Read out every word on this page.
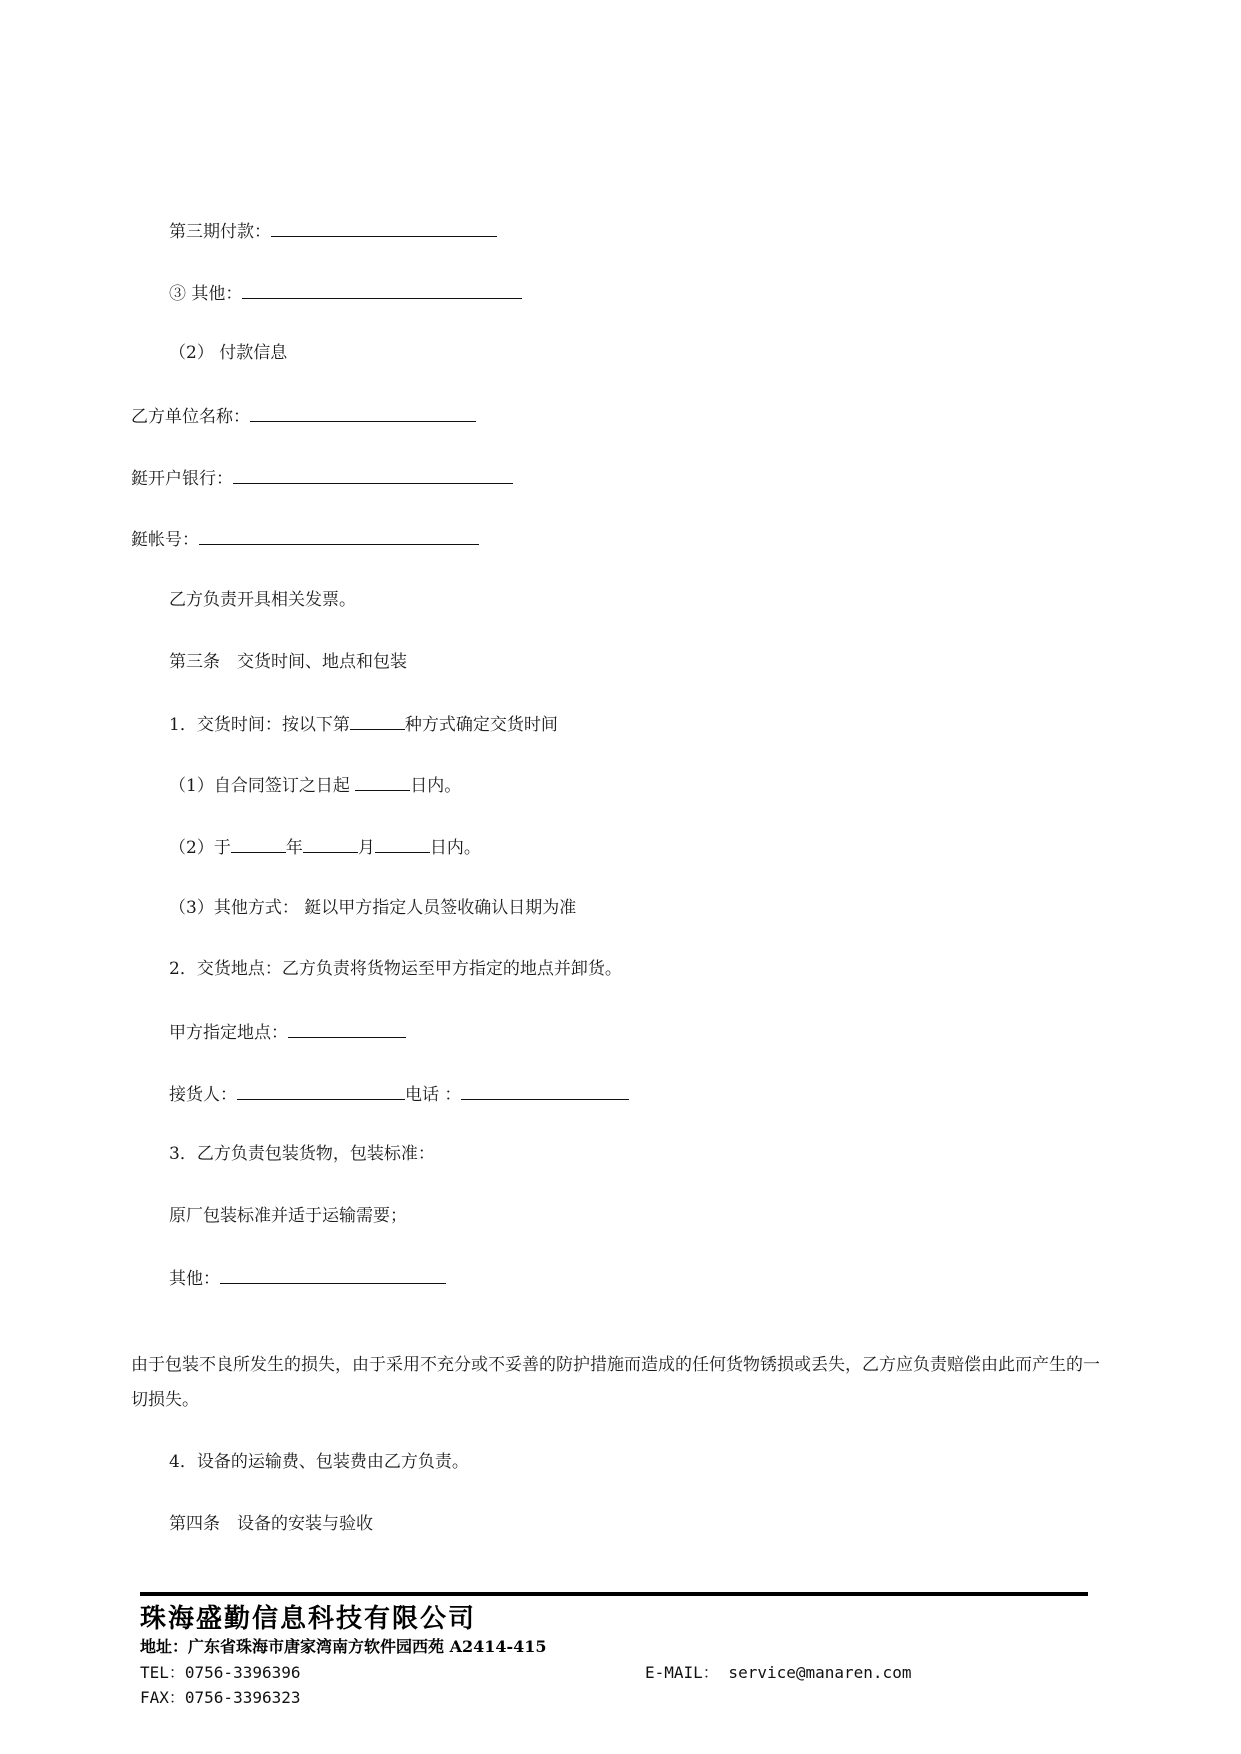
第三期付款：
③ 其他：
（2） 付款信息
乙方单位名称：
鋌开户银行：
鋌帐号：
乙方负责开具相关发票。
第三条　交货时间、地点和包装
1．交货时间：按以下第	种方式确定交货时间
（1）自合同签订之日起	日内。
（2）于	年	月	日内。
（3）其他方式： 鋌以甲方指定人员签收确认日期为准
2．交货地点：乙方负责将货物运至甲方指定的地点并卸货。
甲方指定地点：
接货人：	电话 ：
3．乙方负责包装货物，包装标准：
原厂包装标准并适于运输需要；
其他：
由于包装不良所发生的损失，由于采用不充分或不妥善的防护措施而造成的任何货物锈损或丢失，乙方应负责赔偿由此而产生的一切损失。
4．设备的运输费、包装费由乙方负责。
第四条　设备的安装与验收
珠海盛勤信息科技有限公司
地址：广东省珠海市唐家湾南方软件园西苑 A2414-415
TEL：0756-3396396
FAX：0756-3396323
E-MAIL： service@manaren.com
